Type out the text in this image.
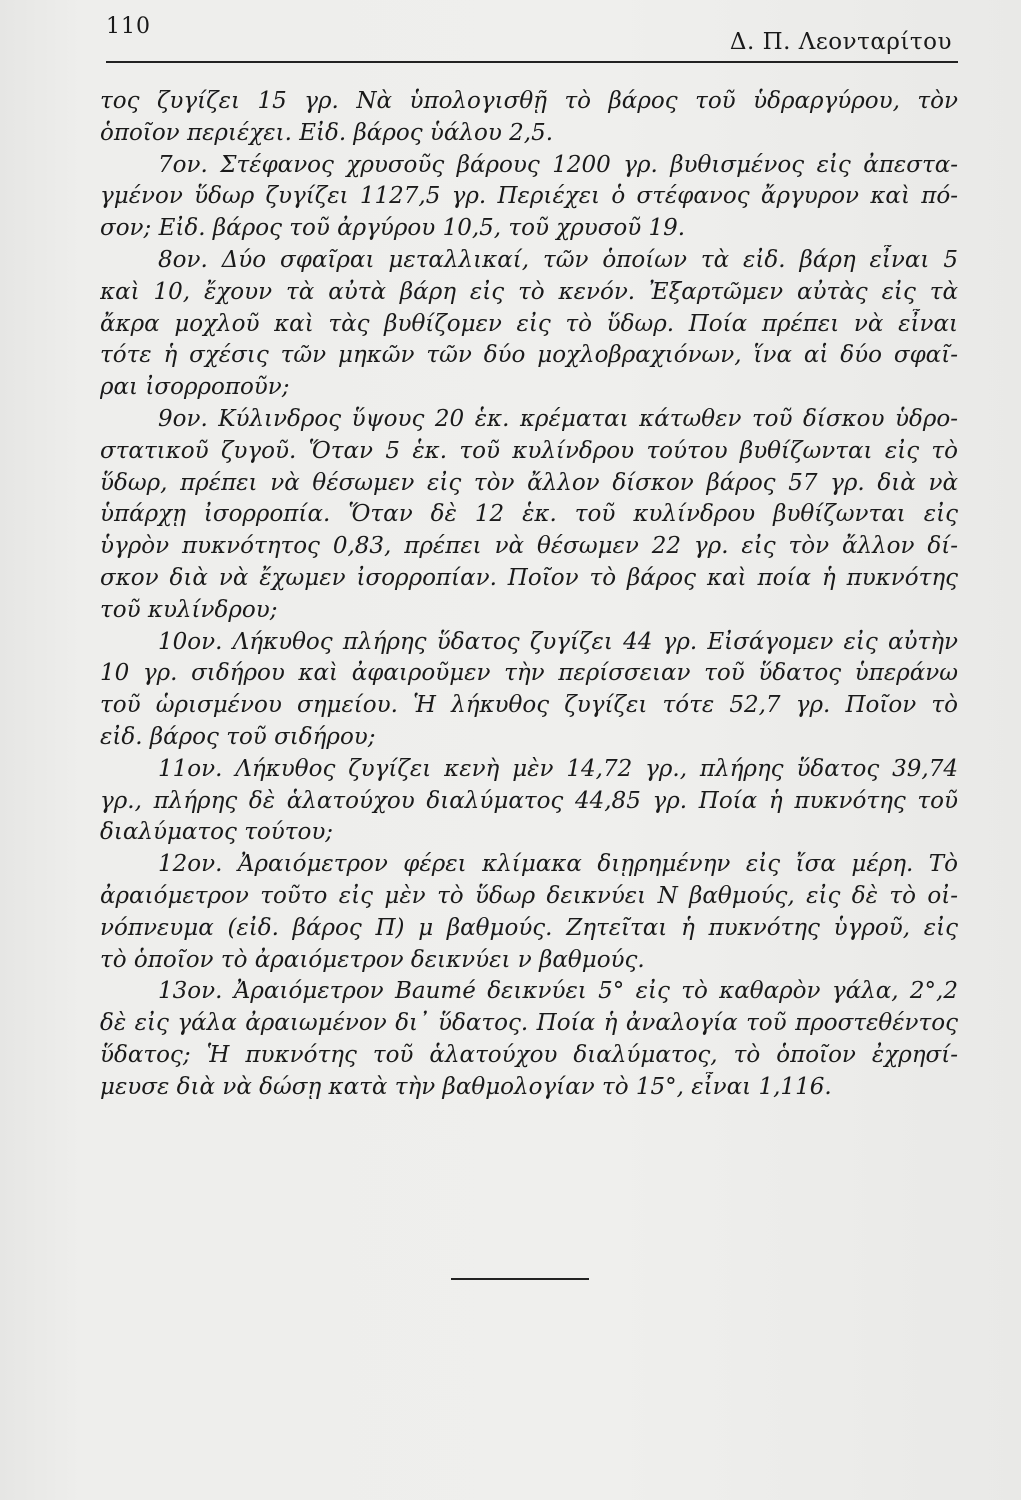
110
Δ. Π. Λεονταρίτου
τος ζυγίζει 15 γρ. Νὰ ὑπολογισθῇ τὸ βάρος τοῦ ὑδραργύρου, τὸν
ὁποῖον περιέχει. Εἰδ. βάρος ὑάλου 2,5.
7ον. Στέφανος χρυσοῦς βάρους 1200 γρ. βυθισμένος εἰς ἀπεστα-
γμένον ὕδωρ ζυγίζει 1127,5 γρ. Περιέχει ὁ στέφανος ἄργυρον καὶ πό-
σον; Εἰδ. βάρος τοῦ ἀργύρου 10,5, τοῦ χρυσοῦ 19.
8ον. Δύο σφαῖραι μεταλλικαί, τῶν ὁποίων τὰ εἰδ. βάρη εἶναι 5
καὶ 10, ἔχουν τὰ αὐτὰ βάρη εἰς τὸ κενόν. Ἐξαρτῶμεν αὐτὰς εἰς τὰ
ἄκρα μοχλοῦ καὶ τὰς βυθίζομεν εἰς τὸ ὕδωρ. Ποία πρέπει νὰ εἶναι
τότε ἡ σχέσις τῶν μηκῶν τῶν δύο μοχλοβραχιόνων, ἵνα αἱ δύο σφαῖ-
ραι ἰσορροποῦν;
9ον. Κύλινδρος ὕψους 20 ἑκ. κρέμαται κάτωθεν τοῦ δίσκου ὑδρο-
στατικοῦ ζυγοῦ. Ὅταν 5 ἑκ. τοῦ κυλίνδρου τούτου βυθίζωνται εἰς τὸ
ὕδωρ, πρέπει νὰ θέσωμεν εἰς τὸν ἄλλον δίσκον βάρος 57 γρ. διὰ νὰ
ὑπάρχῃ ἰσορροπία. Ὅταν δὲ 12 ἑκ. τοῦ κυλίνδρου βυθίζωνται εἰς
ὑγρὸν πυκνότητος 0,83, πρέπει νὰ θέσωμεν 22 γρ. εἰς τὸν ἄλλον δί-
σκον διὰ νὰ ἔχωμεν ἰσορροπίαν. Ποῖον τὸ βάρος καὶ ποία ἡ πυκνότης
τοῦ κυλίνδρου;
10ον. Λήκυθος πλήρης ὕδατος ζυγίζει 44 γρ. Εἰσάγομεν εἰς αὐτὴν
10 γρ. σιδήρου καὶ ἀφαιροῦμεν τὴν περίσσειαν τοῦ ὕδατος ὑπεράνω
τοῦ ὡρισμένου σημείου. Ἡ λήκυθος ζυγίζει τότε 52,7 γρ. Ποῖον τὸ
εἰδ. βάρος τοῦ σιδήρου;
11ον. Λήκυθος ζυγίζει κενὴ μὲν 14,72 γρ., πλήρης ὕδατος 39,74
γρ., πλήρης δὲ ἁλατούχου διαλύματος 44,85 γρ. Ποία ἡ πυκνότης τοῦ
διαλύματος τούτου;
12ον. Ἀραιόμετρον φέρει κλίμακα διῃρημένην εἰς ἴσα μέρη. Τὸ
ἀραιόμετρον τοῦτο εἰς μὲν τὸ ὕδωρ δεικνύει Ν βαθμούς, εἰς δὲ τὸ οἰ-
νόπνευμα (εἰδ. βάρος Π) μ βαθμούς. Ζητεῖται ἡ πυκνότης ὑγροῦ, εἰς
τὸ ὁποῖον τὸ ἀραιόμετρον δεικνύει ν βαθμούς.
13ον. Ἀραιόμετρον Baumé δεικνύει 5° εἰς τὸ καθαρὸν γάλα, 2°,2
δὲ εἰς γάλα ἀραιωμένον δι᾽ ὕδατος. Ποία ἡ ἀναλογία τοῦ προστεθέντος
ὕδατος; Ἡ πυκνότης τοῦ ἁλατούχου διαλύματος, τὸ ὁποῖον ἐχρησί-
μευσε διὰ νὰ δώσῃ κατὰ τὴν βαθμολογίαν τὸ 15°, εἶναι 1,116.
